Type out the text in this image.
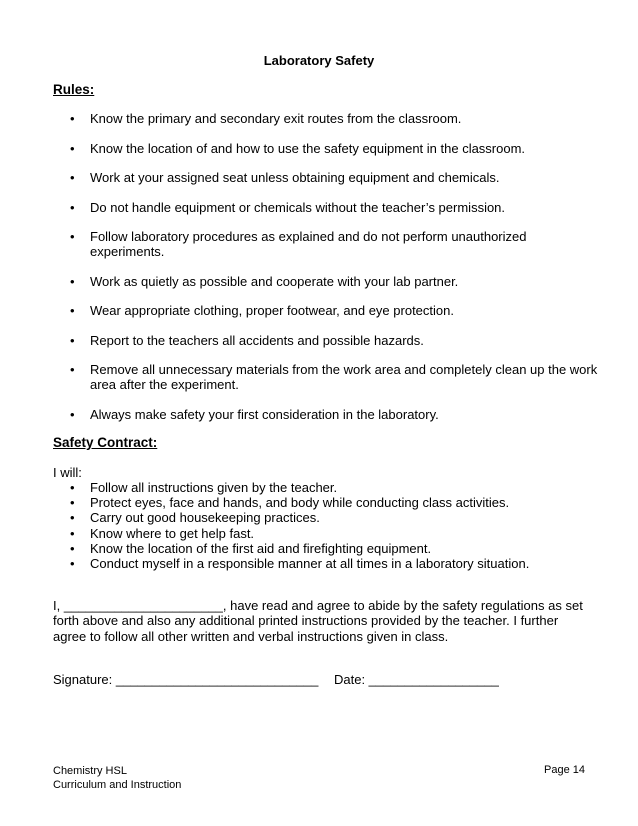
Laboratory Safety
Rules:
• Know the primary and secondary exit routes from the classroom.
• Know the location of and how to use the safety equipment in the classroom.
• Work at your assigned seat unless obtaining equipment and chemicals.
• Do not handle equipment or chemicals without the teacher’s permission.
• Follow laboratory procedures as explained and do not perform unauthorized experiments.
• Work as quietly as possible and cooperate with your lab partner.
• Wear appropriate clothing, proper footwear, and eye protection.
• Report to the teachers all accidents and possible hazards.
• Remove all unnecessary materials from the work area and completely clean up the work area after the experiment.
• Always make safety your first consideration in the laboratory.
Safety Contract:
I will:
• Follow all instructions given by the teacher.
• Protect eyes, face and hands, and body while conducting class activities.
• Carry out good housekeeping practices.
• Know where to get help fast.
• Know the location of the first aid and firefighting equipment.
• Conduct myself in a responsible manner at all times in a laboratory situation.
I, ______________________, have read and agree to abide by the safety regulations as set forth above and also any additional printed instructions provided by the teacher. I further agree to follow all other written and verbal instructions given in class.
Signature: ____________________________ Date: __________________
Chemistry HSL
Curriculum and Instruction
Page 14
